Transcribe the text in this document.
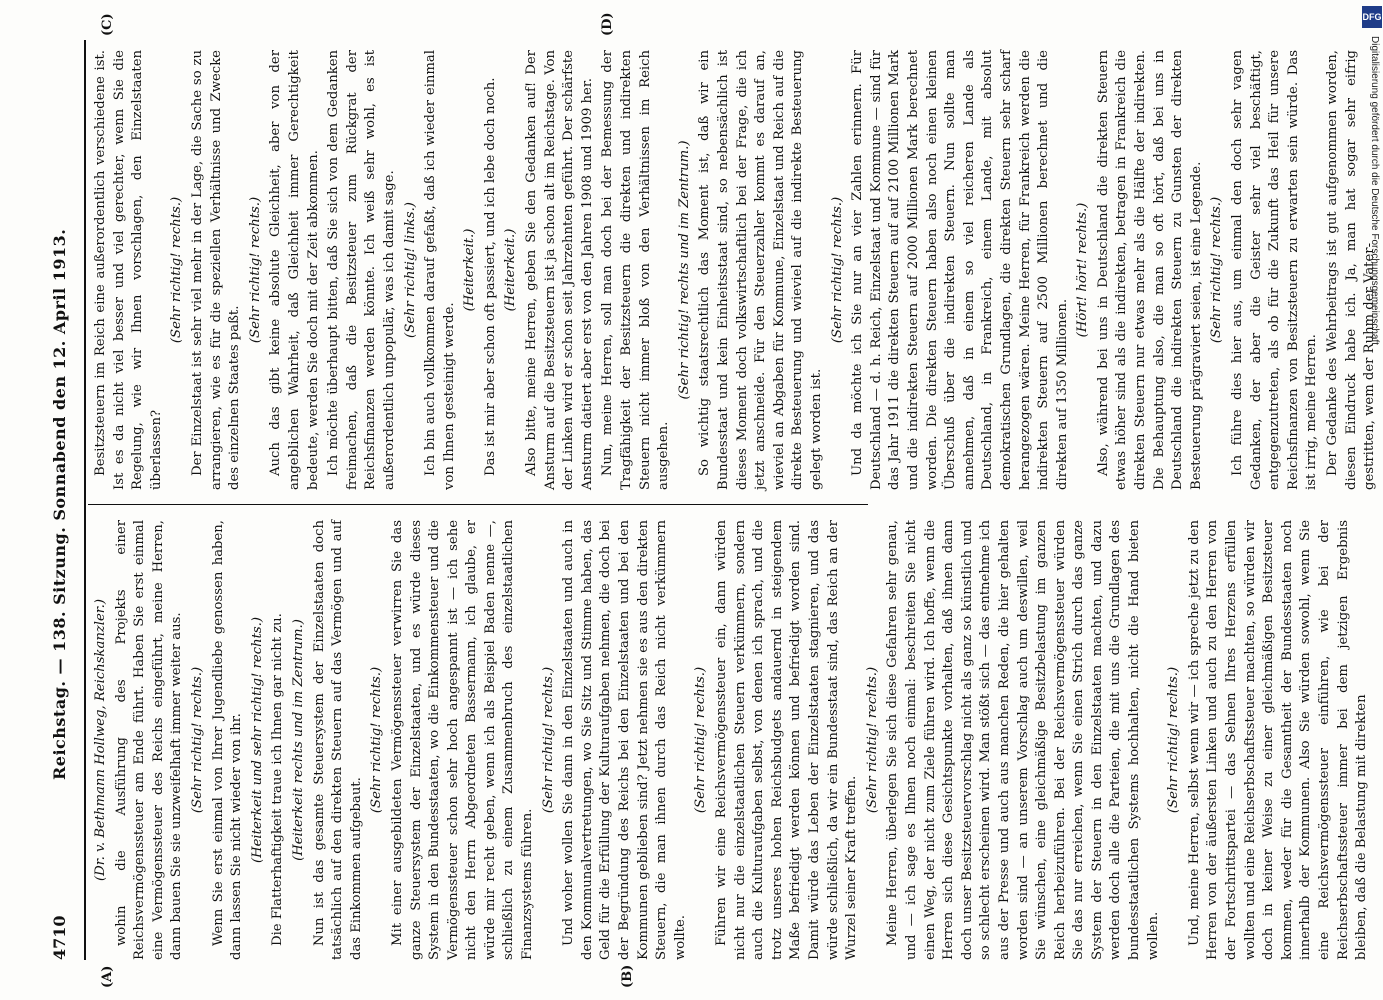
4710
Reichstag. — 138. Sitzung. Sonnabend den 12. April 1913. (Dr. v. Bethmann Hollweg, Reichskanzler.) wohin die Ausführung des Projekts einer Reichsvermögenssteuer am Ende führt. Haben Sie erst einmal eine Vermögenssteuer des Reichs eingeführt, meine Herren, dann bauen Sie sie unzweifelhaft immer weiter aus. (Sehr richtig! rechts.) Wenn Sie erst einmal von Ihrer Jugendliebe genossen haben, dann lassen Sie nicht wieder von ihr. (Heiterkeit und sehr richtig! rechts.) Die Flatterhaftigkeit traue ich Ihnen gar nicht zu. (Heiterkeit rechts und im Zentrum.) Nun ist das gesamte Steuersystem der Einzelstaaten doch tatsächlich auf den direkten Steuern auf das Vermögen und auf das Einkommen aufgebaut.

(Sehr richtig! rechts.) Mit einer ausgebildeten Vermögenssteuer verwirren Sie das ganze Steuersystem der Einzelstaaten, und es würde dieses System in den Bundesstaaten, wo die Einkommensteuer und die Vermögenssteuer schon sehr hoch angespannt ist — ich sehe nicht den Herrn Abgeordneten Bassermann, ich glaube, er würde mir recht geben, wenn ich als Beispiel Baden nenne —, schließlich zu einem Zusammenbruch des einzelstaatlichen Finanzsystems führen.

(Sehr richtig! rechts.) Und woher wollen Sie dann in den Einzelstaaten und auch in den Kommunalvertretungen, wo Sie Sitz und Stimme haben, das Geld für die Erfüllung der Kulturaufgaben nehmen, die doch bei der Begründung des Reichs bei den Einzelstaaten und bei den Kommunen geblieben sind? Jetzt nehmen sie es aus den direkten Steuern, die man ihnen durch das Reich nicht verkümmern wollte.

(Sehr richtig! rechts.) Führen wir eine Reichsvermögenssteuer ein, dann würden nicht nur die einzelstaatlichen Steuern verkümmern, sondern auch die Kulturaufgaben selbst, von denen ich sprach, und die trotz unseres hohen Reichsbudgets andauernd in steigendem Maße befriedigt werden können und befriedigt worden sind. Damit würde das Leben der Einzelstaaten stagnieren, und das würde schließlich, da wir ein Bundesstaat sind, das Reich an der Wurzel seiner Kraft treffen.

(Sehr richtig! rechts.) Meine Herren, überlegen Sie sich diese Gefahren sehr genau, und — ich sage es Ihnen noch einmal: beschreiten Sie nicht einen Weg, der nicht zum Ziele führen wird. Ich hoffe, wenn die Herren sich diese Gesichtspunkte vorhalten, daß ihnen dann doch unser Besitzsteuervorschlag nicht als ganz so künstlich und so schlecht erscheinen wird. Man stößt sich — das entnehme ich aus der Presse und auch aus manchen Reden, die hier gehalten worden sind — an unserem Vorschlag auch um deswillen, weil Sie wünschen, eine gleichmäßige Besitzbelastung im ganzen Reich herbeizuführen. Bei der Reichsvermögenssteuer würden Sie das nur erreichen, wenn Sie einen Strich durch das ganze System der Steuern in den Einzelstaaten machten, und dazu werden doch alle die Parteien, die mit uns die Grundlagen des bundesstaatlichen Systems hochhalten, nicht die Hand bieten wollen.

(Sehr richtig! rechts.) Und, meine Herren, selbst wenn wir — ich spreche jetzt zu den Herren von der äußersten Linken und auch zu den Herren von der Fortschrittspartei — das Sehnen Ihres Herzens erfüllen wollten und eine Reichserbschaftssteuer machten, so würden wir doch in keiner Weise zu einer gleichmäßigen Besitzsteuer kommen, weder für die Gesamtheit der Bundesstaaten noch innerhalb der Kommunen. Also Sie würden sowohl, wenn Sie eine Reichsvermögenssteuer einführen, wie bei der Reichserbschaftssteuer immer bei dem jetzigen Ergebnis bleiben, daß die Belastung mit direkten

Besitzsteuern im Reich eine außerordentlich verschiedene ist. Ist es da nicht viel besser und viel gerechter, wenn Sie die Regelung, wie wir Ihnen vorschlagen, den Einzelstaaten überlassen?

(Sehr richtig! rechts.) Der Einzelstaat ist sehr viel mehr in der Lage, die Sache so zu arrangieren, wie es für die speziellen Verhältnisse und Zwecke des einzelnen Staates paßt.

(Sehr richtig! rechts.) Auch das gibt keine absolute Gleichheit, aber von der angeblichen Wahrheit, daß Gleichheit immer Gerechtigkeit bedeute, werden Sie doch mit der Zeit abkommen. Ich möchte überhaupt bitten, daß Sie sich von dem Gedanken freimachen, daß die Besitzsteuer zum Rückgrat der Reichsfinanzen werden könnte. Ich weiß sehr wohl, es ist außerordentlich unpopulär, was ich damit sage. (Sehr richtig! links.) Ich bin auch vollkommen darauf gefaßt, daß ich wieder einmal von Ihnen gesteinigt werde.

(Heiterkeit.) Das ist mir aber schon oft passiert, und ich lebe doch noch. (Heiterkeit.) Also bitte, meine Herren, geben Sie den Gedanken auf! Der Ansturm auf die Besitzsteuern ist ja schon alt im Reichstage. Von der Linken wird er schon seit Jahrzehnten geführt. Der schärfste Ansturm datiert aber erst von den Jahren 1908 und 1909 her. Nun, meine Herren, soll man doch bei der Bemessung der Tragfähigkeit der Besitzsteuern die direkten und indirekten Steuern nicht immer bloß von den Verhältnissen im Reich ausgehen.

(Sehr richtig! rechts und im Zentrum.) So wichtig staatsrechtlich das Moment ist, daß wir ein Bundesstaat und kein Einheitsstaat sind, so nebensächlich ist dieses Moment doch volkswirtschaftlich bei der Frage, die ich jetzt anschneide. Für den Steuerzahler kommt es darauf an, wieviel an Abgaben für Kommune, Einzelstaat und Reich auf die direkte Besteuerung und wieviel auf die indirekte Besteuerung gelegt worden ist.

(Sehr richtig! rechts.) Und da möchte ich Sie nur an vier Zahlen erinnern. Für Deutschland — d. h. Reich, Einzelstaat und Kommune — sind für das Jahr 1911 die direkten Steuern auf auf 2100 Millionen Mark und die indirekten Steuern auf 2000 Millionen Mark berechnet worden. Die direkten Steuern haben also noch einen kleinen Überschuß über die indirekten Steuern. Nun sollte man annehmen, daß in einem so viel reicheren Lande als Deutschland, in Frankreich, einem Lande, mit absolut demokratischen Grundlagen, die direkten Steuern sehr scharf herangezogen wären. Meine Herren, für Frankreich werden die indirekten Steuern auf 2500 Millionen berechnet und die direkten auf 1350 Millionen.

(Hört! hört! rechts.) Also, während bei uns in Deutschland die direkten Steuern etwas höher sind als die indirekten, betragen in Frankreich die direkten Steuern nur etwas mehr als die Hälfte der indirekten. Die Behauptung also, die man so oft hört, daß bei uns in Deutschland die indirekten Steuern zu Gunsten der direkten Besteuerung prägraviert seien, ist eine Legende. (Sehr richtig! rechts.) Ich führe dies hier aus, um einmal den doch sehr vagen Gedanken, der aber die Geister sehr viel beschäftigt, entgegenzutreten, als ob für die Zukunft das Heil für unsere Reichsfinanzen von Besitzsteuern zu erwarten sein würde. Das ist irrig, meine Herren. Der Gedanke des Wehrbeitrags ist gut aufgenommen worden, diesen Eindruck habe ich. Ja, man hat sogar sehr eifrig gestritten, wem der Ruhm der Vater-

(A)	(B)
(C)	(D)	DFG
Digitalisierung gefördert durch die Deutsche Forschungsgemeinschaft
